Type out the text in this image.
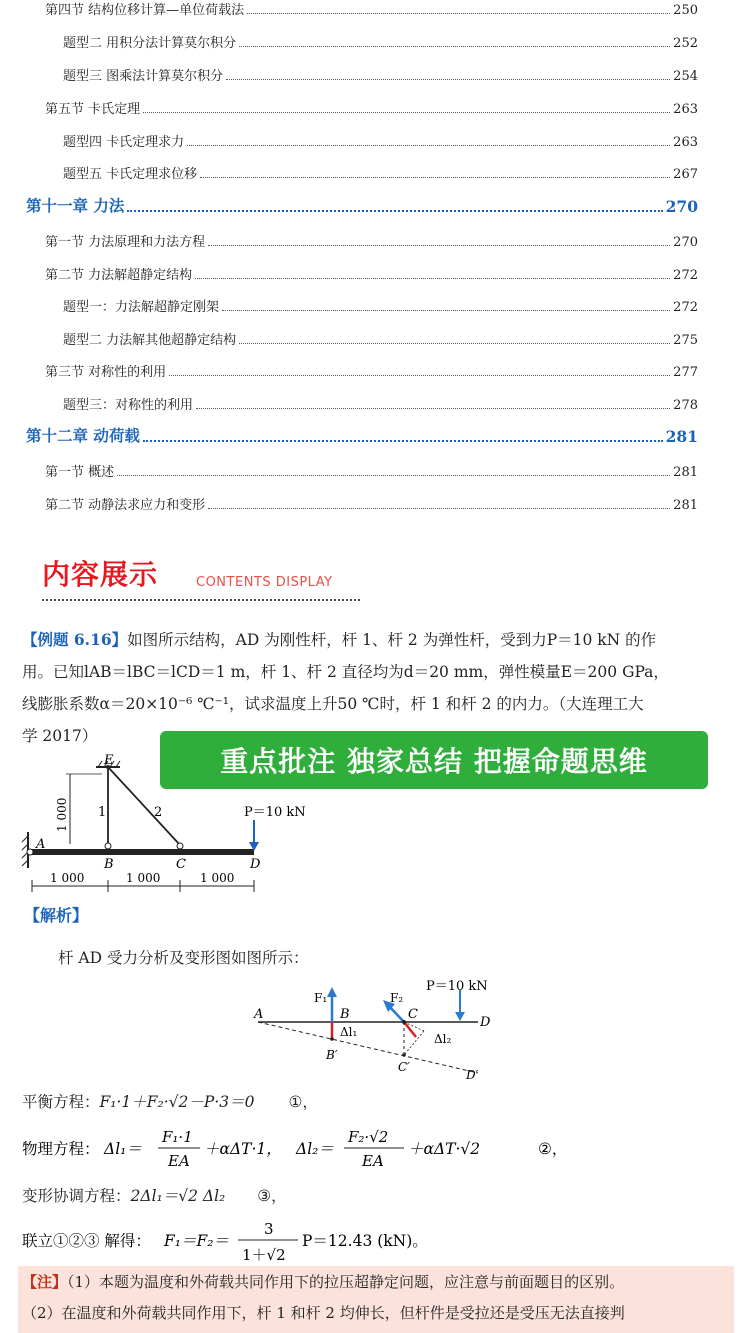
第四节 结构位移计算—单位荷载法	250
题型二 用积分法计算莫尔积分	252
题型三 图乘法计算莫尔积分	254
第五节 卡氏定理	263
题型四 卡氏定理求力	263
题型五 卡氏定理求位移	267
第十一章 力法	270
第一节 力法原理和力法方程	270
第二节 力法解超静定结构	272
题型一：力法解超静定刚架	272
题型二 力法解其他超静定结构	275
第三节 对称性的利用	277
题型三：对称性的利用	278
第十二章 动荷载	281
第一节 概述	281
第二节 动静法求应力和变形	281
内容展示	CONTENTS DISPLAY
【例题 6.16】如图所示结构，AD 为刚性杆，杆 1、杆 2 为弹性杆，受到力P＝10 kN 的作
用。已知lAB＝lBC＝lCD＝1 m，杆 1、杆 2 直径均为d＝20 mm，弹性模量E＝200 GPa，
线膨胀系数α＝20×10⁻⁶ ℃⁻¹，试求温度上升50 ℃时，杆 1 和杆 2 的内力。（大连理工大
学 2017）
重点批注 独家总结 把握命题思维
A
B	C	D
E
1	2	P＝10 kN
1 000
1 000	1 000	1 000
【解析】
杆 AD 受力分析及变形图如图所示：
P＝10 kN
F₁	F₂
A	B	C
D
B′
C′
D′
Δl₁	Δl₂
平衡方程：F₁·1＋F₂·√2－P·3＝0 ①，
物理方程： Δl₁＝
F₁·1
EA
＋αΔT·1， Δl₂＝
F₂·√2
EA
＋αΔT·√2	②，
变形协调方程：2Δl₁＝√2 Δl₂ ③，
联立①②③ 解得： F₁＝F₂＝
3
1＋√2
P＝12.43 (kN)。
【注】（1）本题为温度和外荷载共同作用下的拉压超静定问题，应注意与前面题目的区别。
（2）在温度和外荷载共同作用下，杆 1 和杆 2 均伸长，但杆件是受拉还是受压无法直接判
